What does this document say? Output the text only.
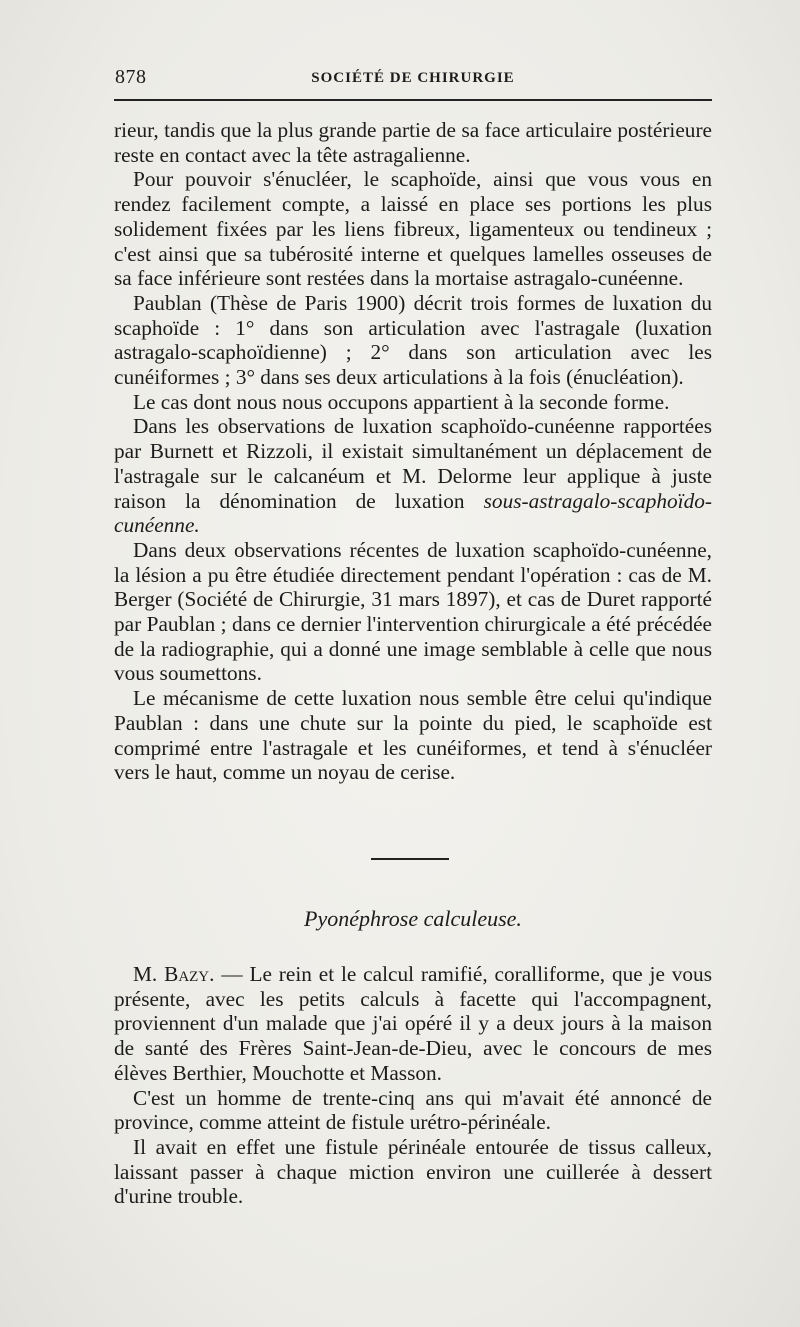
878	SOCIÉTÉ DE CHIRURGIE

rieur, tandis que la plus grande partie de sa face articulaire postérieure reste en contact avec la tête astragalienne.

Pour pouvoir s'énucléer, le scaphoïde, ainsi que vous vous en rendez facilement compte, a laissé en place ses portions les plus solidement fixées par les liens fibreux, ligamenteux ou tendineux ; c'est ainsi que sa tubérosité interne et quelques lamelles osseuses de sa face inférieure sont restées dans la mortaise astragalo-cunéenne.

Paublan (Thèse de Paris 1900) décrit trois formes de luxation du scaphoïde : 1° dans son articulation avec l'astragale (luxation astragalo-scaphoïdienne) ; 2° dans son articulation avec les cunéiformes ; 3° dans ses deux articulations à la fois (énucléation).

Le cas dont nous nous occupons appartient à la seconde forme.

Dans les observations de luxation scaphoïdo-cunéenne rapportées par Burnett et Rizzoli, il existait simultanément un déplacement de l'astragale sur le calcanéum et M. Delorme leur applique à juste raison la dénomination de luxation sous-astragalo-scaphoïdo-cunéenne.

Dans deux observations récentes de luxation scaphoïdo-cunéenne, la lésion a pu être étudiée directement pendant l'opération : cas de M. Berger (Société de Chirurgie, 31 mars 1897), et cas de Duret rapporté par Paublan ; dans ce dernier l'intervention chirurgicale a été précédée de la radiographie, qui a donné une image semblable à celle que nous vous soumettons.

Le mécanisme de cette luxation nous semble être celui qu'indique Paublan : dans une chute sur la pointe du pied, le scaphoïde est comprimé entre l'astragale et les cunéiformes, et tend à s'énucléer vers le haut, comme un noyau de cerise.

Pyonéphrose calculeuse.

M. Bazy. — Le rein et le calcul ramifié, coralliforme, que je vous présente, avec les petits calculs à facette qui l'accompagnent, proviennent d'un malade que j'ai opéré il y a deux jours à la maison de santé des Frères Saint-Jean-de-Dieu, avec le concours de mes élèves Berthier, Mouchotte et Masson.

C'est un homme de trente-cinq ans qui m'avait été annoncé de province, comme atteint de fistule urétro-périnéale.

Il avait en effet une fistule périnéale entourée de tissus calleux, laissant passer à chaque miction environ une cuillerée à dessert d'urine trouble.
